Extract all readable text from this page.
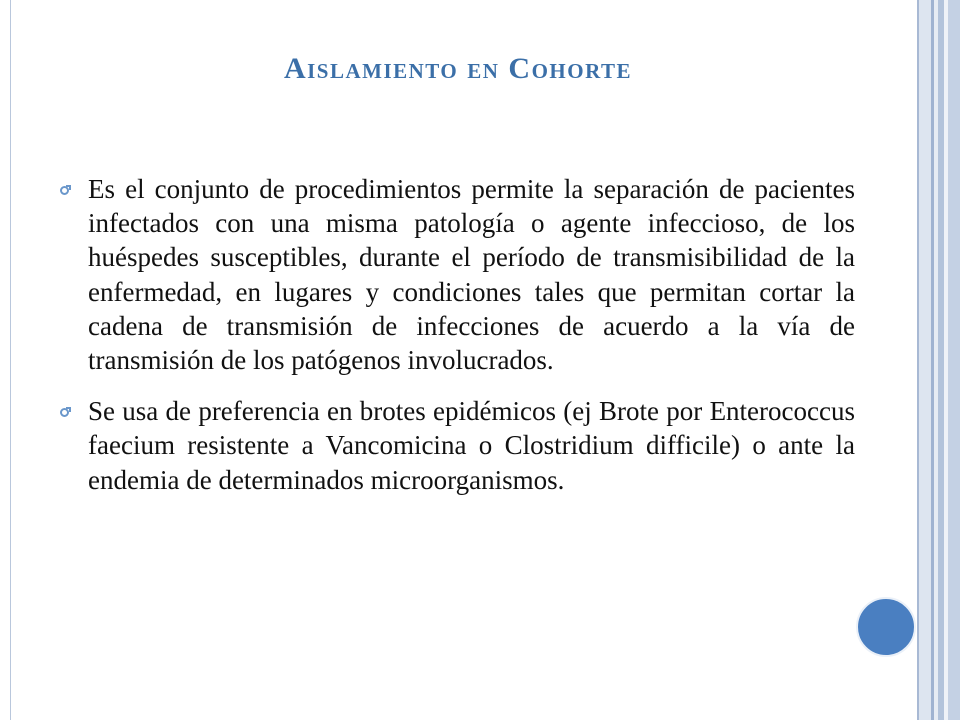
Aislamiento en Cohorte
Es el conjunto de procedimientos permite la separación de pacientes infectados con una misma patología o agente infeccioso, de los huéspedes susceptibles, durante el período de transmisibilidad de la enfermedad, en lugares y condiciones tales que permitan cortar la cadena de transmisión de infecciones de acuerdo a la vía de transmisión de los patógenos involucrados.
Se usa de preferencia en brotes epidémicos (ej Brote por Enterococcus faecium resistente a Vancomicina o Clostridium difficile) o ante la endemia de determinados microorganismos.
